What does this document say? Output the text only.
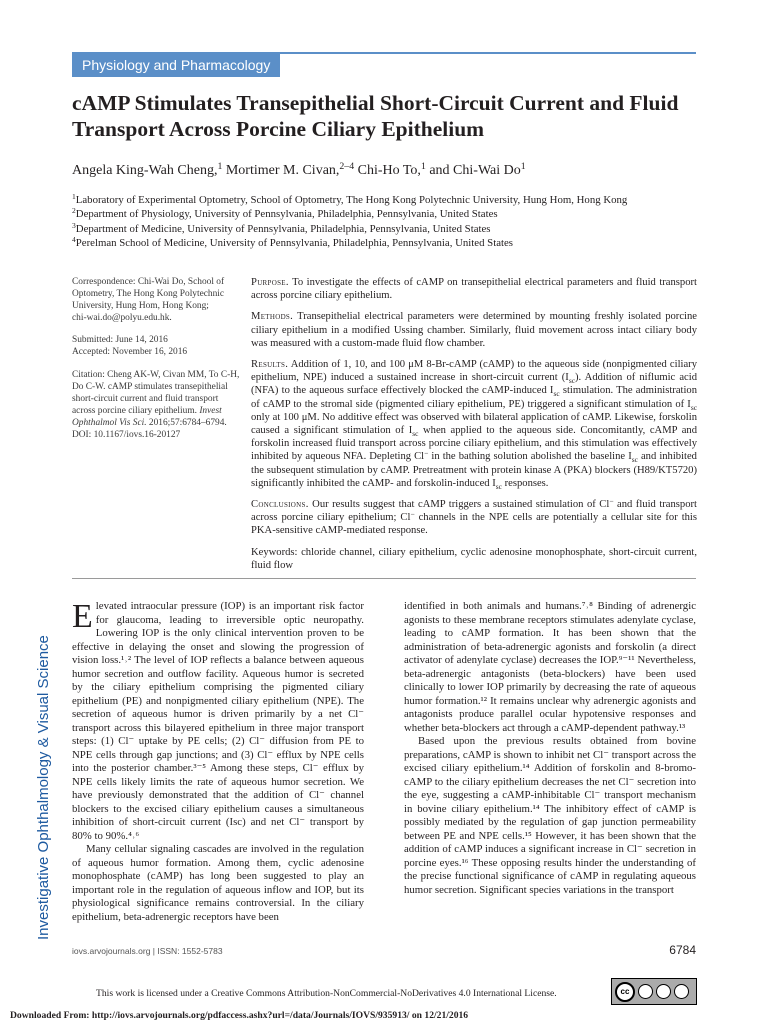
Physiology and Pharmacology
cAMP Stimulates Transepithelial Short-Circuit Current and Fluid Transport Across Porcine Ciliary Epithelium
Angela King-Wah Cheng,$^1$ Mortimer M. Civan,$^{2-4}$ Chi-Ho To,$^1$ and Chi-Wai Do$^1$
$^1$Laboratory of Experimental Optometry, School of Optometry, The Hong Kong Polytechnic University, Hung Hom, Hong Kong
$^2$Department of Physiology, University of Pennsylvania, Philadelphia, Pennsylvania, United States
$^3$Department of Medicine, University of Pennsylvania, Philadelphia, Pennsylvania, United States
$^4$Perelman School of Medicine, University of Pennsylvania, Philadelphia, Pennsylvania, United States

Correspondence: Chi-Wai Do, School of Optometry, The Hong Kong Polytechnic University, Hung Hom, Hong Kong;
chi-wai.do@polyu.edu.hk.

Submitted: June 14, 2016
Accepted: November 16, 2016

Citation: Cheng AK-W, Civan MM, To C-H, Do C-W. cAMP stimulates transepithelial short-circuit current and fluid transport across porcine ciliary epithelium. Invest Ophthalmol Vis Sci. 2016;57:6784–6794. DOI: 10.1167/iovs.16-20127

Purpose. To investigate the effects of cAMP on transepithelial electrical parameters and fluid transport across porcine ciliary epithelium.

Methods. Transepithelial electrical parameters were determined by mounting freshly isolated porcine ciliary epithelium in a modified Ussing chamber. Similarly, fluid movement across intact ciliary body was measured with a custom-made fluid flow chamber.

Results. Addition of 1, 10, and 100 μM 8-Br-cAMP (cAMP) to the aqueous side (nonpigmented ciliary epithelium, NPE) induced a sustained increase in short-circuit current $(I_{sc})$. Addition of niflumic acid (NFA) to the aqueous surface effectively blocked the cAMP-induced $I_{sc}$ stimulation. The administration of cAMP to the stromal side (pigmented ciliary epithelium, PE) triggered a significant stimulation of $I_{sc}$ only at 100 μM. No additive effect was observed with bilateral application of cAMP. Likewise, forskolin caused a significant stimulation of $I_{sc}$ when applied to the aqueous side. Concomitantly, cAMP and forskolin increased fluid transport across porcine ciliary epithelium, and this stimulation was effectively inhibited by aqueous NFA. Depleting Cl− in the bathing solution abolished the baseline $I_{sc}$ and inhibited the subsequent stimulation by cAMP. Pretreatment with protein kinase A (PKA) blockers (H89/KT5720) significantly inhibited the cAMP- and forskolin-induced $I_{sc}$ responses.

Conclusions. Our results suggest that cAMP triggers a sustained stimulation of Cl− and fluid transport across porcine ciliary epithelium; Cl− channels in the NPE cells are potentially a cellular site for this PKA-sensitive cAMP-mediated response.

Keywords: chloride channel, ciliary epithelium, cyclic adenosine monophosphate, short-circuit current, fluid flow

Investigative Ophthalmology & Visual Science

Elevated intraocular pressure (IOP) is an important risk factor for glaucoma, leading to irreversible optic neuropathy. Lowering IOP is the only clinical intervention proven to be effective in delaying the onset and slowing the progression of vision loss.¹˒² The level of IOP reflects a balance between aqueous humor secretion and outflow facility. Aqueous humor is secreted by the ciliary epithelium comprising the pigmented ciliary epithelium (PE) and nonpigmented ciliary epithelium (NPE). The secretion of aqueous humor is driven primarily by a net Cl⁻ transport across this bilayered epithelium in three major transport steps: (1) Cl⁻ uptake by PE cells; (2) Cl⁻ diffusion from PE to NPE cells through gap junctions; and (3) Cl⁻ efflux by NPE cells into the posterior chamber.³⁻⁵ Among these steps, Cl⁻ efflux by NPE cells likely limits the rate of aqueous humor secretion. We have previously demonstrated that the addition of Cl⁻ channel blockers to the excised ciliary epithelium causes a simultaneous inhibition of short-circuit current (Isc) and net Cl⁻ transport by 80% to 90%.⁴˒⁶

Many cellular signaling cascades are involved in the regulation of aqueous humor formation. Among them, cyclic adenosine monophosphate (cAMP) has long been suggested to play an important role in the regulation of aqueous inflow and IOP, but its physiological significance remains controversial. In the ciliary epithelium, beta-adrenergic receptors have been

identified in both animals and humans.⁷˒⁸ Binding of adrenergic agonists to these membrane receptors stimulates adenylate cyclase, leading to cAMP formation. It has been shown that the administration of beta-adrenergic agonists and forskolin (a direct activator of adenylate cyclase) decreases the IOP.⁹⁻¹¹ Nevertheless, beta-adrenergic antagonists (beta-blockers) have been used clinically to lower IOP primarily by decreasing the rate of aqueous humor formation.¹² It remains unclear why adrenergic agonists and antagonists produce parallel ocular hypotensive responses and whether beta-blockers act through a cAMP-dependent pathway.¹³

Based upon the previous results obtained from bovine preparations, cAMP is shown to inhibit net Cl⁻ transport across the excised ciliary epithelium.¹⁴ Addition of forskolin and 8-bromo-cAMP to the ciliary epithelium decreases the net Cl⁻ secretion into the eye, suggesting a cAMP-inhibitable Cl⁻ transport mechanism in bovine ciliary epithelium.¹⁴ The inhibitory effect of cAMP is possibly mediated by the regulation of gap junction permeability between PE and NPE cells.¹⁵ However, it has been shown that the addition of cAMP induces a significant increase in Cl⁻ secretion in porcine eyes.¹⁶ These opposing results hinder the understanding of the precise functional significance of cAMP in regulating aqueous humor secretion. Significant species variations in the transport

iovs.arvojournals.org | ISSN: 1552-5783	6784
This work is licensed under a Creative Commons Attribution-NonCommercial-NoDerivatives 4.0 International License.	cc
Downloaded From: http://iovs.arvojournals.org/pdfaccess.ashx?url=/data/Journals/IOVS/935913/ on 12/21/2016
